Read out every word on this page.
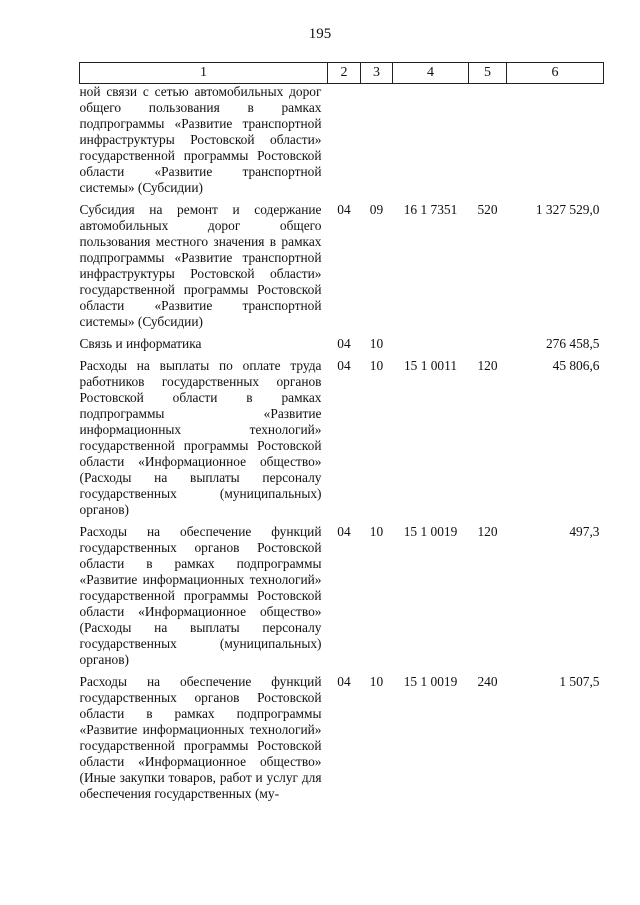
195
1	2	3	4	5	6
ной связи с сетью автомобильных дорог общего пользования в рамках подпрограммы «Развитие транспортной инфраструктуры Ростовской области» государственной программы Ростовской области «Развитие транспортной системы» (Субсидии)					
Субсидия на ремонт и содержание автомобильных дорог общего пользования местного значения в рамках подпрограммы «Развитие транспортной инфраструктуры Ростовской области» государственной программы Ростовской области «Развитие транспортной системы» (Субсидии)	04	09	16 1 7351	520	1 327 529,0
Связь и информатика	04	10			276 458,5
Расходы на выплаты по оплате труда работников государственных органов Ростовской области в рамках подпрограммы «Развитие информационных технологий» государственной программы Ростовской области «Информационное общество» (Расходы на выплаты персоналу государственных (муниципальных) органов)	04	10	15 1 0011	120	45 806,6
Расходы на обеспечение функций государственных органов Ростовской области в рамках подпрограммы «Развитие информационных технологий» государственной программы Ростовской области «Информационное общество» (Расходы на выплаты персоналу государственных (муниципальных) органов)	04	10	15 1 0019	120	497,3
Расходы на обеспечение функций государственных органов Ростовской области в рамках подпрограммы «Развитие информационных технологий» государственной программы Ростовской области «Информационное общество» (Иные закупки товаров, работ и услуг для обеспечения государственных (му-	04	10	15 1 0019	240	1 507,5
